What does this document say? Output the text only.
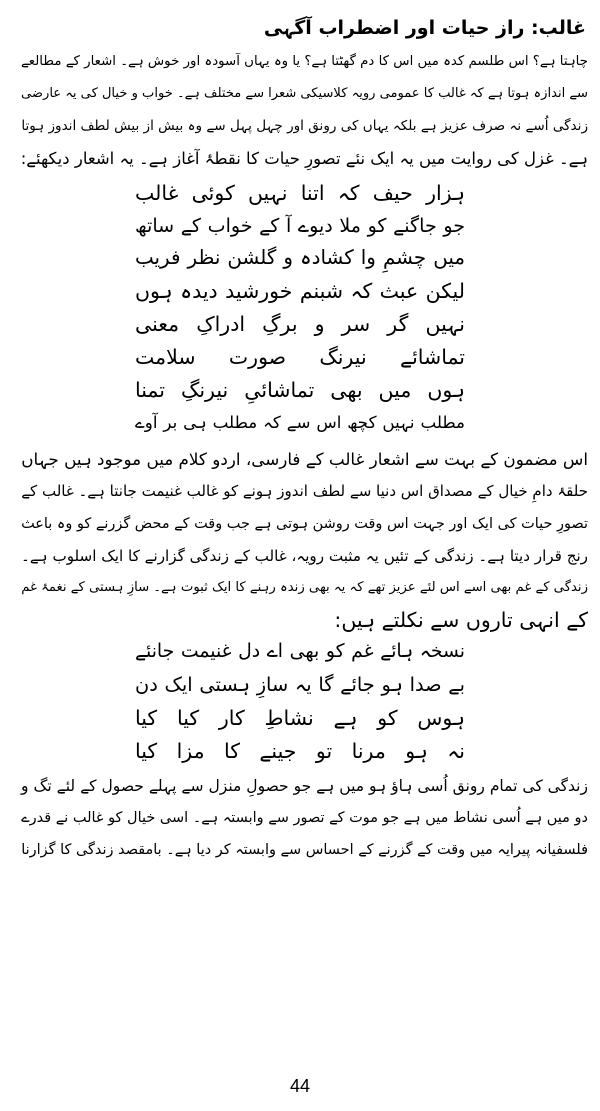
غالب: راز حیات اور اضطراب آگہی
چاہتا ہے؟ اس طلسم کدہ میں اس کا دم گھٹتا ہے؟ یا وہ یہاں آسودہ اور خوش ہے۔ اشعار کے مطالعے
سے اندازہ ہوتا ہے کہ غالب کا عمومی رویہ کلاسیکی شعرا سے مختلف ہے۔ خواب و خیال کی یہ عارضی
زندگی اُسے نہ صرف عزیز ہے بلکہ یہاں کی رونق اور چہل پہل سے وہ بیش از بیش لطف اندوز ہوتا
ہے۔ غزل کی روایت میں یہ ایک نئے تصورِ حیات کا نقطۂ آغاز ہے۔ یہ اشعار دیکھئے:
ہزار حیف کہ اتنا نہیں کوئی غالب
جو جاگنے کو ملا دیوے آ کے خواب کے ساتھ
میں چشمِ وا کشادہ و گلشن نظر فریب
لیکن عبث کہ شبنم خورشید دیدہ ہوں
نہیں گر سر و برگِ ادراکِ معنی
تماشائے نیرنگ صورت سلامت
ہوں میں بھی تماشائیِ نیرنگِ تمنا
مطلب نہیں کچھ اس سے کہ مطلب ہی بر آوے
اس مضمون کے بہت سے اشعار غالب کے فارسی، اردو کلام میں موجود ہیں جہاں
حلقۂ دامِ خیال کے مصداق اس دنیا سے لطف اندوز ہونے کو غالب غنیمت جانتا ہے۔ غالب کے
تصورِ حیات کی ایک اور جہت اس وقت روشن ہوتی ہے جب وقت کے محض گزرنے کو وہ باعث
رنج قرار دیتا ہے۔ زندگی کے تئیں یہ مثبت رویہ، غالب کے زندگی گزارنے کا ایک اسلوب ہے۔
زندگی کے غم بھی اسے اس لئے عزیز تھے کہ یہ بھی زندہ رہنے کا ایک ثبوت ہے۔ سازِ ہستی کے نغمۂ غم
کے انہی تاروں سے نکلتے ہیں:
نسخہ ہائے غم کو بھی اے دل غنیمت جانئے
بے صدا ہو جائے گا یہ سازِ ہستی ایک دن
ہوس کو ہے نشاطِ کار کیا کیا
نہ ہو مرنا تو جینے کا مزا کیا
زندگی کی تمام رونق اُسی ہاؤ ہو میں ہے جو حصولِ منزل سے پہلے حصول کے لئے تگ و
دو میں ہے اُسی نشاط میں ہے جو موت کے تصور سے وابستہ ہے۔ اسی خیال کو غالب نے قدرے
فلسفیانہ پیرایہ میں وقت کے گزرنے کے احساس سے وابستہ کر دیا ہے۔ بامقصد زندگی کا گزارنا
44
